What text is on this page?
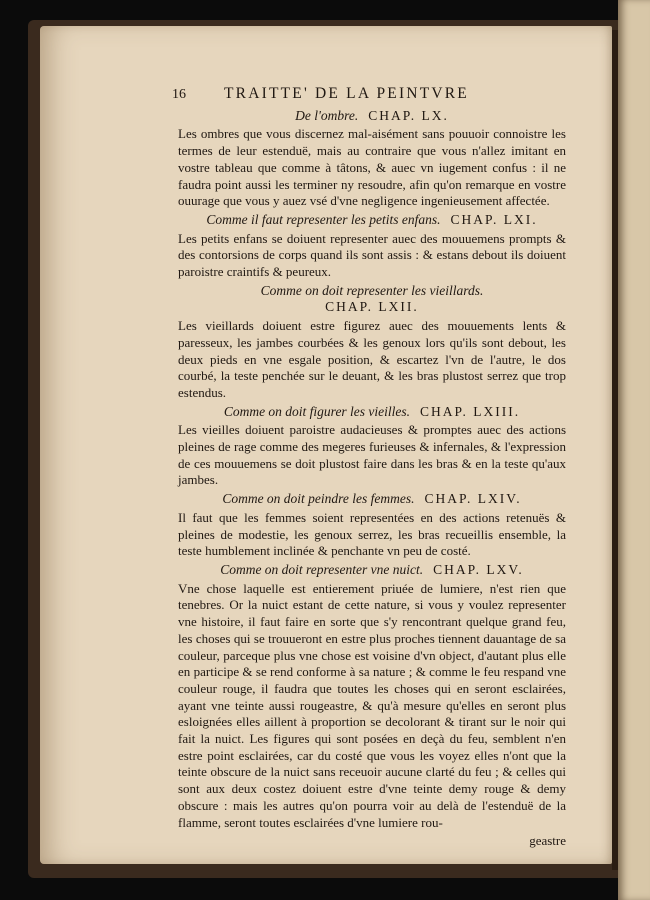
16	TRAITTE' DE LA PEINTVRE
De l'ombre. CHAP. LX.

Les ombres que vous discernez mal-aisément sans pouuoir connoistre les termes de leur estenduë, mais au contraire que vous n'allez imitant en vostre tableau que comme à tâtons, & auec vn iugement confus : il ne faudra point aussi les terminer ny resoudre, afin qu'on remarque en vostre ouurage que vous y auez vsé d'vne negligence ingenieusement affectée.

Comme il faut representer les petits enfans. CHAP. LXI.

Les petits enfans se doiuent representer auec des mouuemens prompts & des contorsions de corps quand ils sont assis : & estans debout ils doiuent paroistre craintifs & peureux.

Comme on doit representer les vieillards.
CHAP. LXII.

Les vieillards doiuent estre figurez auec des mouuements lents & paresseux, les jambes courbées & les genoux lors qu'ils sont debout, les deux pieds en vne esgale position, & escartez l'vn de l'autre, le dos courbé, la teste penchée sur le deuant, & les bras plustost serrez que trop estendus.

Comme on doit figurer les vieilles. CHAP. LXIII.

Les vieilles doiuent paroistre audacieuses & promptes auec des actions pleines de rage comme des megeres furieuses & infernales, & l'expression de ces mouuemens se doit plustost faire dans les bras & en la teste qu'aux jambes.

Comme on doit peindre les femmes. CHAP. LXIV.

Il faut que les femmes soient representées en des actions retenuës & pleines de modestie, les genoux serrez, les bras recueillis ensemble, la teste humblement inclinée & penchante vn peu de costé.

Comme on doit representer vne nuict. CHAP. LXV.

Vne chose laquelle est entierement priuée de lumiere, n'est rien que tenebres. Or la nuict estant de cette nature, si vous y voulez representer vne histoire, il faut faire en sorte que s'y rencontrant quelque grand feu, les choses qui se trouueront en estre plus proches tiennent dauantage de sa couleur, parceque plus vne chose est voisine d'vn object, d'autant plus elle en participe & se rend conforme à sa nature ; & comme le feu respand vne couleur rouge, il faudra que toutes les choses qui en seront esclairées, ayant vne teinte aussi rougeastre, & qu'à mesure qu'elles en seront plus esloignées elles aillent à proportion se decolorant & tirant sur le noir qui fait la nuict. Les figures qui sont posées en deçà du feu, semblent n'en estre point esclairées, car du costé que vous les voyez elles n'ont que la teinte obscure de la nuict sans receuoir aucune clarté du feu ; & celles qui sont aux deux costez doiuent estre d'vne teinte demy rouge & demy obscure : mais les autres qu'on pourra voir au delà de l'estenduë de la flamme, seront toutes esclairées d'vne lumiere rou-

geastre
